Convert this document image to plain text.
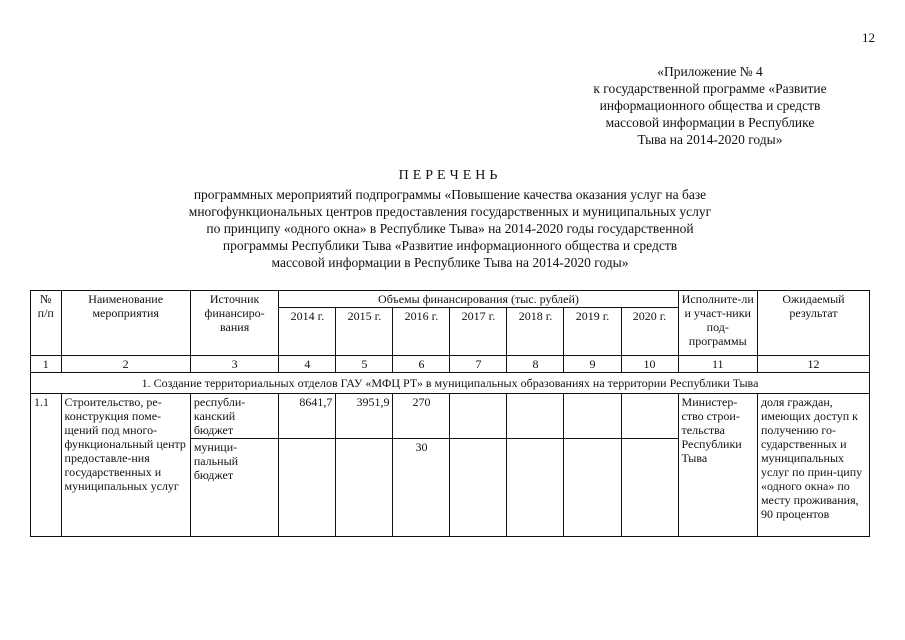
12
«Приложение № 4
к государственной программе «Развитие
информационного общества и средств
массовой информации в Республике
Тыва на 2014-2020 годы»
ПЕРЕЧЕНЬ
программных мероприятий подпрограммы «Повышение качества оказания услуг на базе
многофункциональных центров предоставления государственных и муниципальных услуг
по принципу «одного окна» в Республике Тыва» на 2014-2020 годы государственной
программы Республики Тыва «Развитие информационного общества и средств
массовой информации в Республике Тыва на 2014-2020 годы»
№ п/п	Наименование мероприятия	Источник финансиро-вания	Объемы финансирования (тыс. рублей)							Исполните-ли и участ-ники под-программы	Ожидаемый результат
			2014 г.	2015 г.	2016 г.	2017 г.	2018 г.	2019 г.	2020 г.		
1	2	3	4	5	6	7	8	9	10	11	12
1. Создание территориальных отделов ГАУ «МФЦ РТ» в муниципальных образованиях на территории Республики Тыва											
1.1	Строительство, ре-конструкция поме-щений под много-функциональный центр предоставле-ния государственных и муниципальных услуг	республи-канский бюджет	8641,7	3951,9	270					Министер-ство строи-тельства Республики Тыва	доля граждан, имеющих доступ к получению го-сударственных и муниципальных услуг по прин-ципу «одного окна» по месту проживания, 90 процентов
		муници-пальный бюджет			30						
